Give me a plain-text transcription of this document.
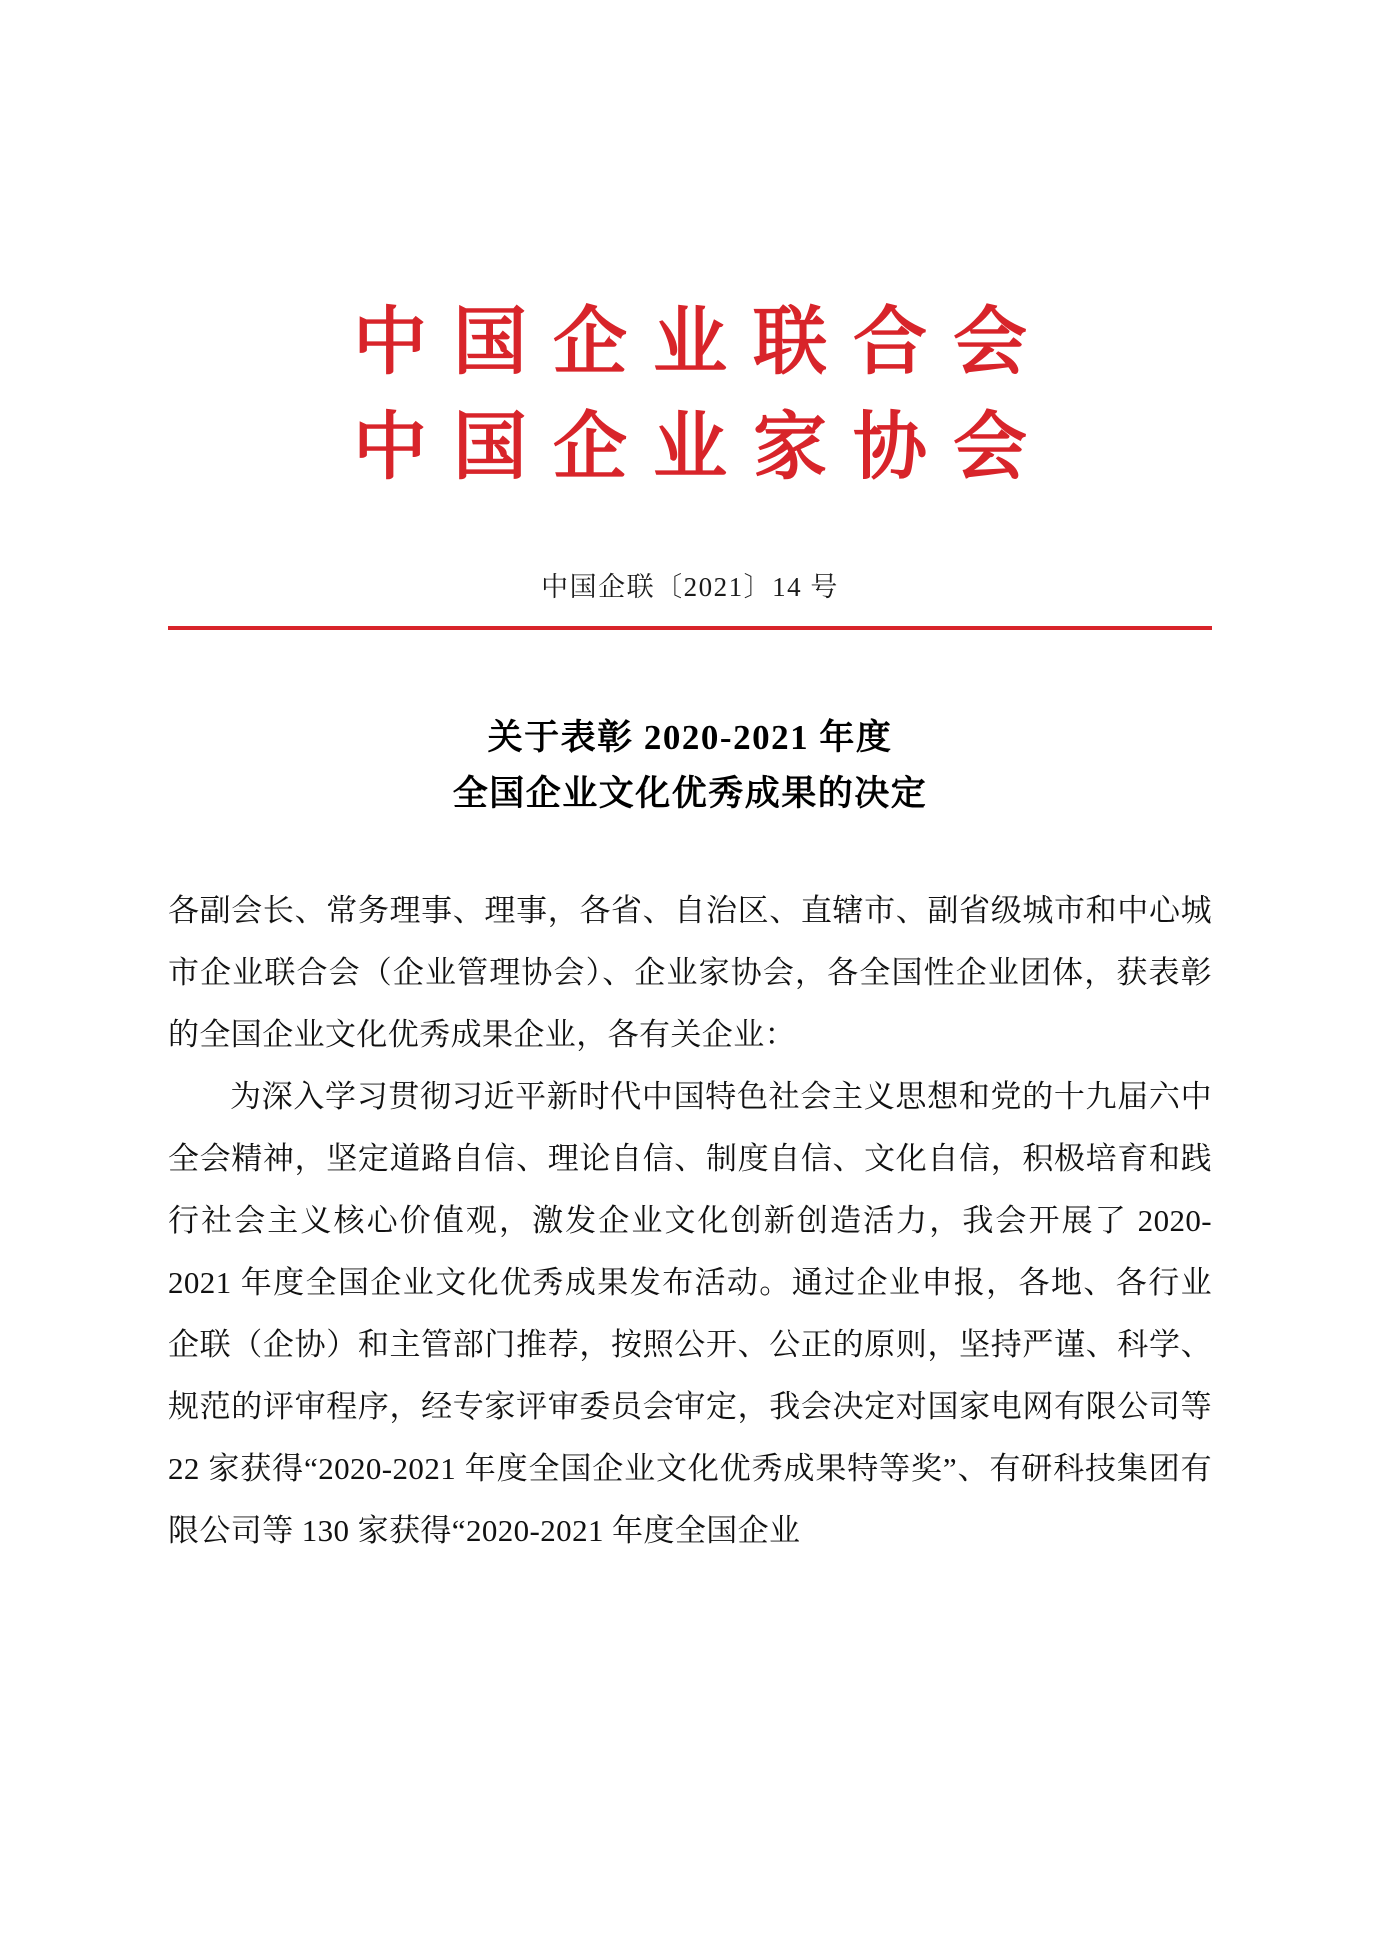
中国企业联合会
中国企业家协会
中国企联〔2021〕14 号
关于表彰 2020-2021 年度
全国企业文化优秀成果的决定

各副会长、常务理事、理事，各省、自治区、直辖市、副省级城市和中心城市企业联合会（企业管理协会）、企业家协会，各全国性企业团体，获表彰的全国企业文化优秀成果企业，各有关企业：

为深入学习贯彻习近平新时代中国特色社会主义思想和党的十九届六中全会精神，坚定道路自信、理论自信、制度自信、文化自信，积极培育和践行社会主义核心价值观，激发企业文化创新创造活力，我会开展了 2020-2021 年度全国企业文化优秀成果发布活动。通过企业申报，各地、各行业企联（企协）和主管部门推荐，按照公开、公正的原则，坚持严谨、科学、规范的评审程序，经专家评审委员会审定，我会决定对国家电网有限公司等 22 家获得“2020-2021 年度全国企业文化优秀成果特等奖”、有研科技集团有限公司等 130 家获得“2020-2021 年度全国企业
